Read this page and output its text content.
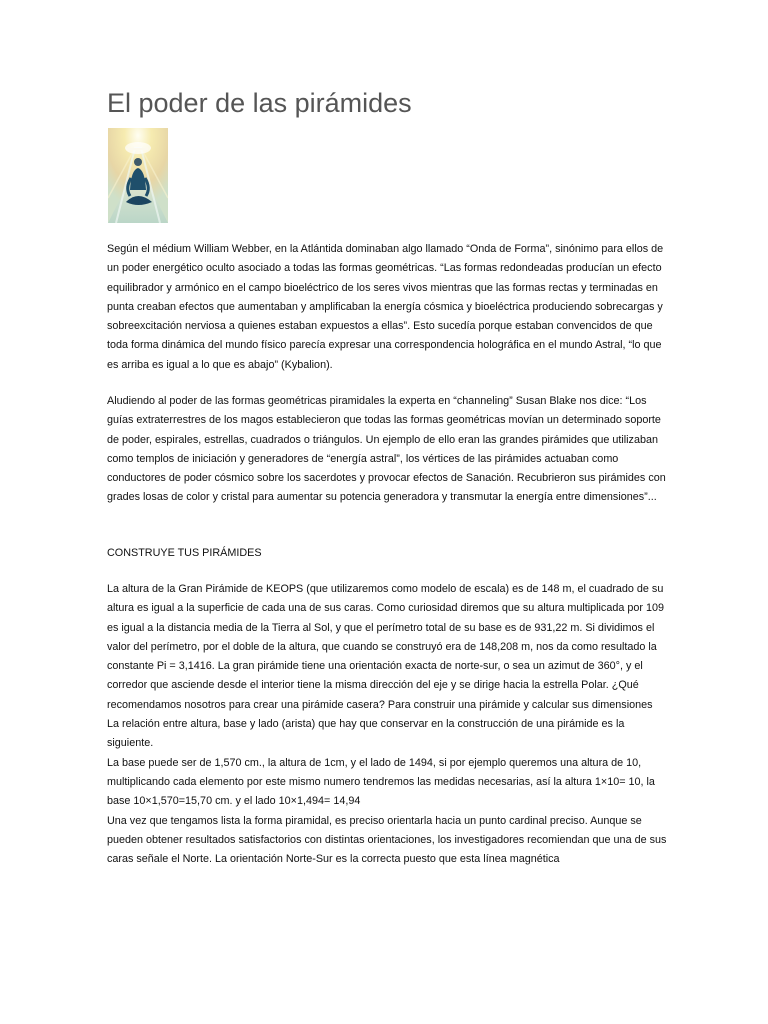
El poder de las pirámides

Según el médium William Webber, en la Atlántida dominaban algo llamado “Onda de Forma”, sinónimo para ellos de un poder energético oculto asociado a todas las formas geométricas. “Las formas redondeadas producían un efecto equilibrador y armónico en el campo bioeléctrico de los seres vivos mientras que las formas rectas y terminadas en punta creaban efectos que aumentaban y amplificaban la energía cósmica y bioeléctrica produciendo sobrecargas y sobreexcitación nerviosa a quienes estaban expuestos a ellas”. Esto sucedía porque estaban convencidos de que toda forma dinámica del mundo físico parecía expresar una correspondencia holográfica en el mundo Astral, “lo que es arriba es igual a lo que es abajo” (Kybalion).

Aludiendo al poder de las formas geométricas piramidales la experta en “channeling” Susan Blake nos dice: “Los guías extraterrestres de los magos establecieron que todas las formas geométricas movían un determinado soporte de poder, espirales, estrellas, cuadrados o triángulos. Un ejemplo de ello eran las grandes pirámides que utilizaban como templos de iniciación y generadores de “energía astral”, los vértices de las pirámides actuaban como conductores de poder cósmico sobre los sacerdotes y provocar efectos de Sanación. Recubrieron sus pirámides con grades losas de color y cristal para aumentar su potencia generadora y transmutar la energía entre dimensiones”...

CONSTRUYE TUS PIRÁMIDES

La altura de la Gran Pirámide de KEOPS (que utilizaremos como modelo de escala) es de 148 m, el cuadrado de su altura es igual a la superficie de cada una de sus caras. Como curiosidad diremos que su altura multiplicada por 109 es igual a la distancia media de la Tierra al Sol, y que el perímetro total de su base es de 931,22 m. Si dividimos el valor del perímetro, por el doble de la altura, que cuando se construyó era de 148,208 m, nos da como resultado la constante Pi = 3,1416. La gran pirámide tiene una orientación exacta de norte-sur, o sea un azimut de 360°, y el corredor que asciende desde el interior tiene la misma dirección del eje y se dirige hacia la estrella Polar. ¿Qué recomendamos nosotros para crear una pirámide casera? Para construir una pirámide y calcular sus dimensiones

La relación entre altura, base y lado (arista) que hay que conservar en la construcción de una pirámide es la siguiente.

La base puede ser de 1,570 cm., la altura de 1cm, y el lado de 1494, si por ejemplo queremos una altura de 10, multiplicando cada elemento por este mismo numero tendremos las medidas necesarias, así la altura 1×10= 10, la base 10×1,570=15,70 cm. y el lado 10×1,494= 14,94

Una vez que tengamos lista la forma piramidal, es preciso orientarla hacia un punto cardinal preciso. Aunque se pueden obtener resultados satisfactorios con distintas orientaciones, los investigadores recomiendan que una de sus caras señale el Norte. La orientación Norte-Sur es la correcta puesto que esta línea magnética
